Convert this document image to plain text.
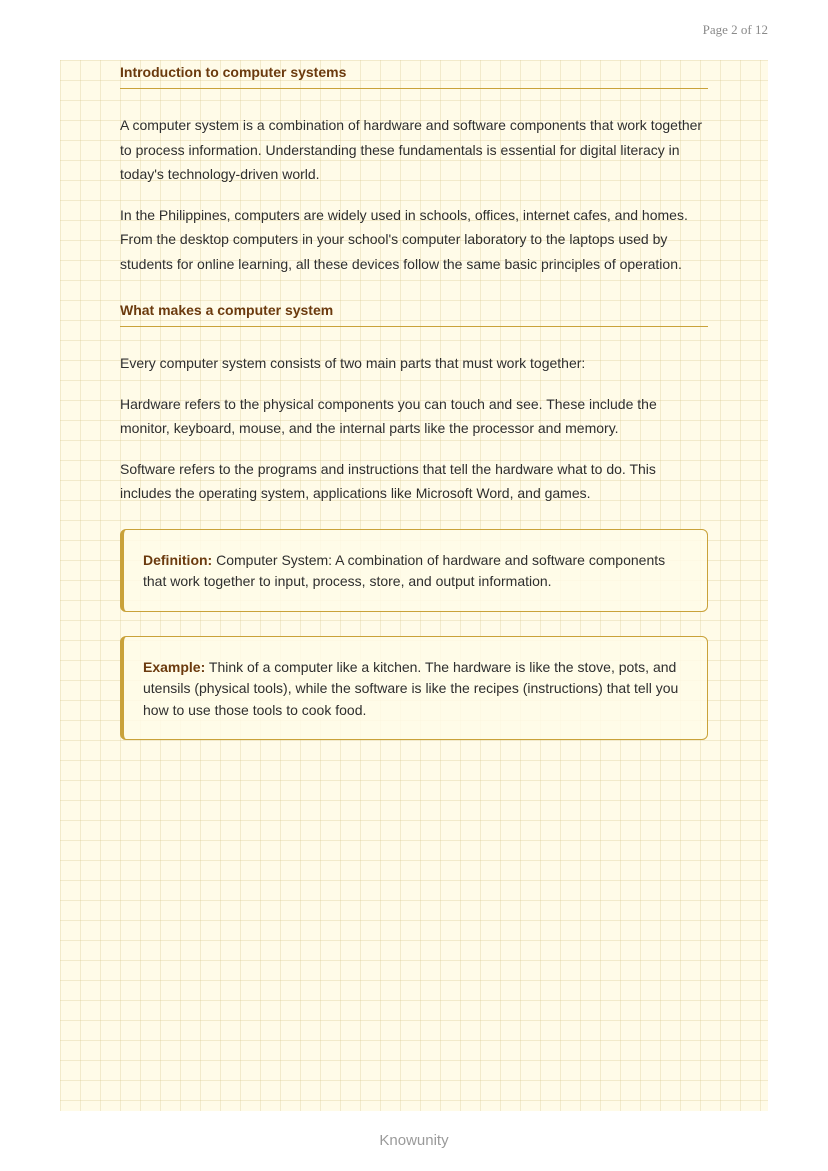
Page 2 of 12
Introduction to computer systems

A computer system is a combination of hardware and software components that work together to process information. Understanding these fundamentals is essential for digital literacy in today's technology-driven world.

In the Philippines, computers are widely used in schools, offices, internet cafes, and homes. From the desktop computers in your school's computer laboratory to the laptops used by students for online learning, all these devices follow the same basic principles of operation.

What makes a computer system

Every computer system consists of two main parts that must work together:

Hardware refers to the physical components you can touch and see. These include the monitor, keyboard, mouse, and the internal parts like the processor and memory.

Software refers to the programs and instructions that tell the hardware what to do. This includes the operating system, applications like Microsoft Word, and games.

Definition: Computer System: A combination of hardware and software components that work together to input, process, store, and output information.

Example: Think of a computer like a kitchen. The hardware is like the stove, pots, and utensils (physical tools), while the software is like the recipes (instructions) that tell you how to use those tools to cook food.

Knowunity
